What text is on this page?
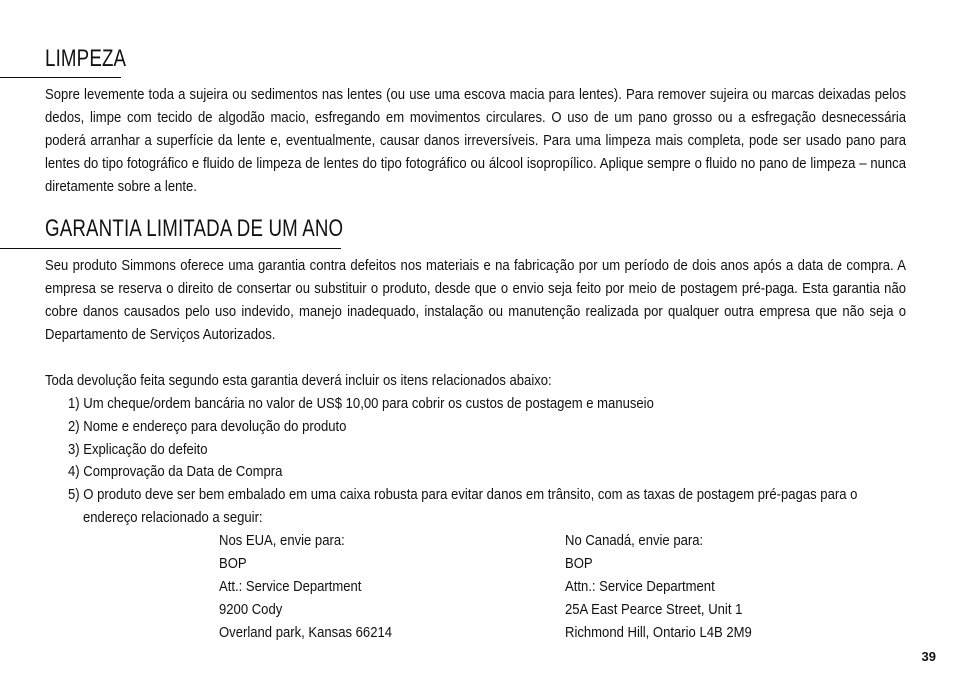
LIMPEZA

Sopre levemente toda a sujeira ou sedimentos nas lentes (ou use uma escova macia para lentes). Para remover sujeira ou marcas deixadas pelos dedos, limpe com tecido de algodão macio, esfregando em movimentos circulares. O uso de um pano grosso ou a esfregação desnecessária poderá arranhar a superfície da lente e, eventualmente, causar danos irreversíveis. Para uma limpeza mais completa, pode ser usado pano para lentes do tipo fotográfico e fluido de limpeza de lentes do tipo fotográfico ou álcool isopropílico. Aplique sempre o fluido no pano de limpeza – nunca diretamente sobre a lente.

GARANTIA LIMITADA DE UM ANO

Seu produto Simmons oferece uma garantia contra defeitos nos materiais e na fabricação por um período de dois anos após a data de compra. A empresa se reserva o direito de consertar ou substituir o produto, desde que o envio seja feito por meio de postagem pré-paga. Esta garantia não cobre danos causados pelo uso indevido, manejo inadequado, instalação ou manutenção realizada por qualquer outra empresa que não seja o Departamento de Serviços Autorizados.

Toda devolução feita segundo esta garantia deverá incluir os itens relacionados abaixo:
1) Um cheque/ordem bancária no valor de US$ 10,00 para cobrir os custos de postagem e manuseio
2) Nome e endereço para devolução do produto
3) Explicação do defeito
4) Comprovação da Data de Compra
5) O produto deve ser bem embalado em uma caixa robusta para evitar danos em trânsito, com as taxas de postagem pré-pagas para o
endereço relacionado a seguir:
Nos EUA, envie para:
BOP
Att.: Service Department
9200 Cody
Overland park, Kansas 66214
No Canadá, envie para:
BOP
Attn.: Service Department
25A East Pearce Street, Unit 1
Richmond Hill, Ontario L4B 2M9
39
